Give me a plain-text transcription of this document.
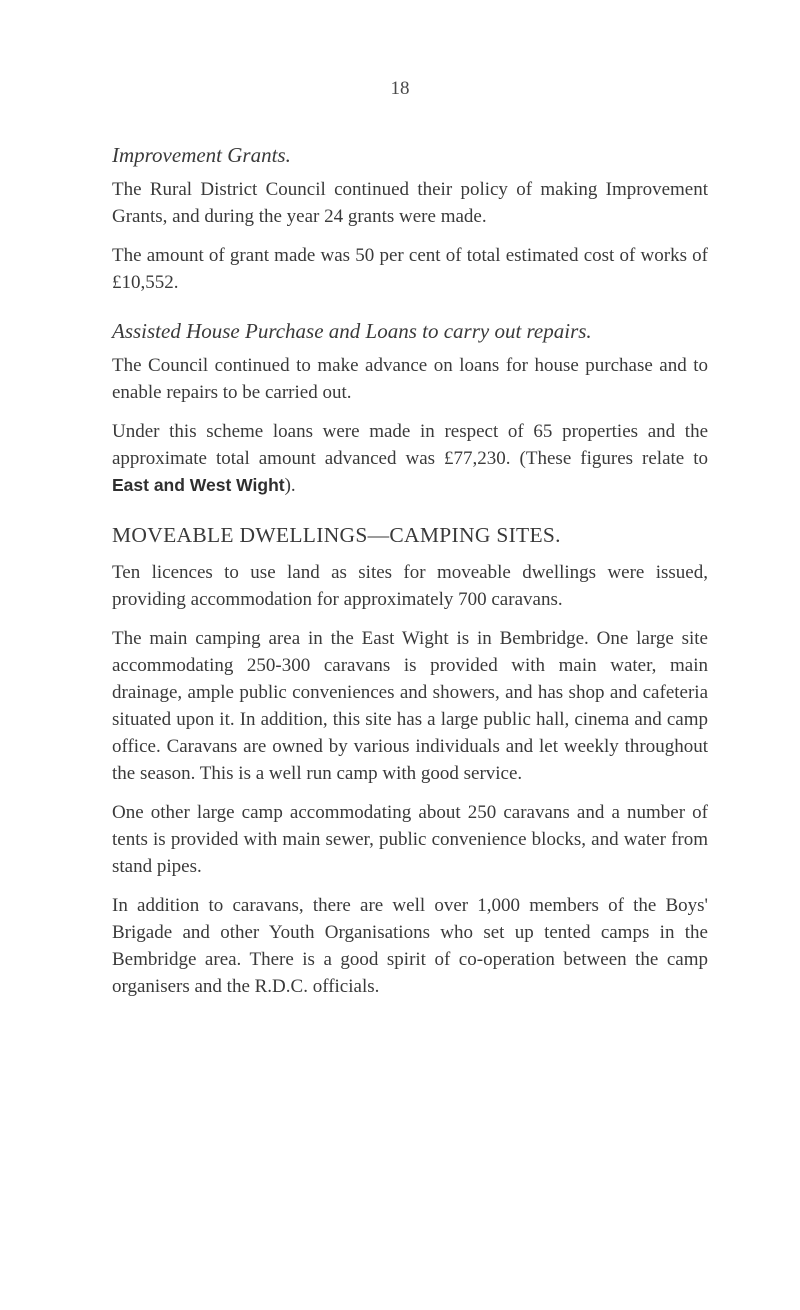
18
Improvement Grants.

The Rural District Council continued their policy of making Improvement Grants, and during the year 24 grants were made.

The amount of grant made was 50 per cent of total estimated cost of works of £10,552.

Assisted House Purchase and Loans to carry out repairs.

The Council continued to make advance on loans for house purchase and to enable repairs to be carried out.

Under this scheme loans were made in respect of 65 properties and the approximate total amount advanced was £77,230. (These figures relate to East and West Wight).

MOVEABLE DWELLINGS—CAMPING SITES.

Ten licences to use land as sites for moveable dwellings were issued, providing accommodation for approximately 700 caravans.

The main camping area in the East Wight is in Bembridge. One large site accommodating 250-300 caravans is provided with main water, main drainage, ample public conveniences and showers, and has shop and cafeteria situated upon it. In addition, this site has a large public hall, cinema and camp office. Caravans are owned by various individuals and let weekly throughout the season. This is a well run camp with good service.

One other large camp accommodating about 250 caravans and a number of tents is provided with main sewer, public convenience blocks, and water from stand pipes.

In addition to caravans, there are well over 1,000 members of the Boys' Brigade and other Youth Organisations who set up tented camps in the Bembridge area. There is a good spirit of co-operation between the camp organisers and the R.D.C. officials.
